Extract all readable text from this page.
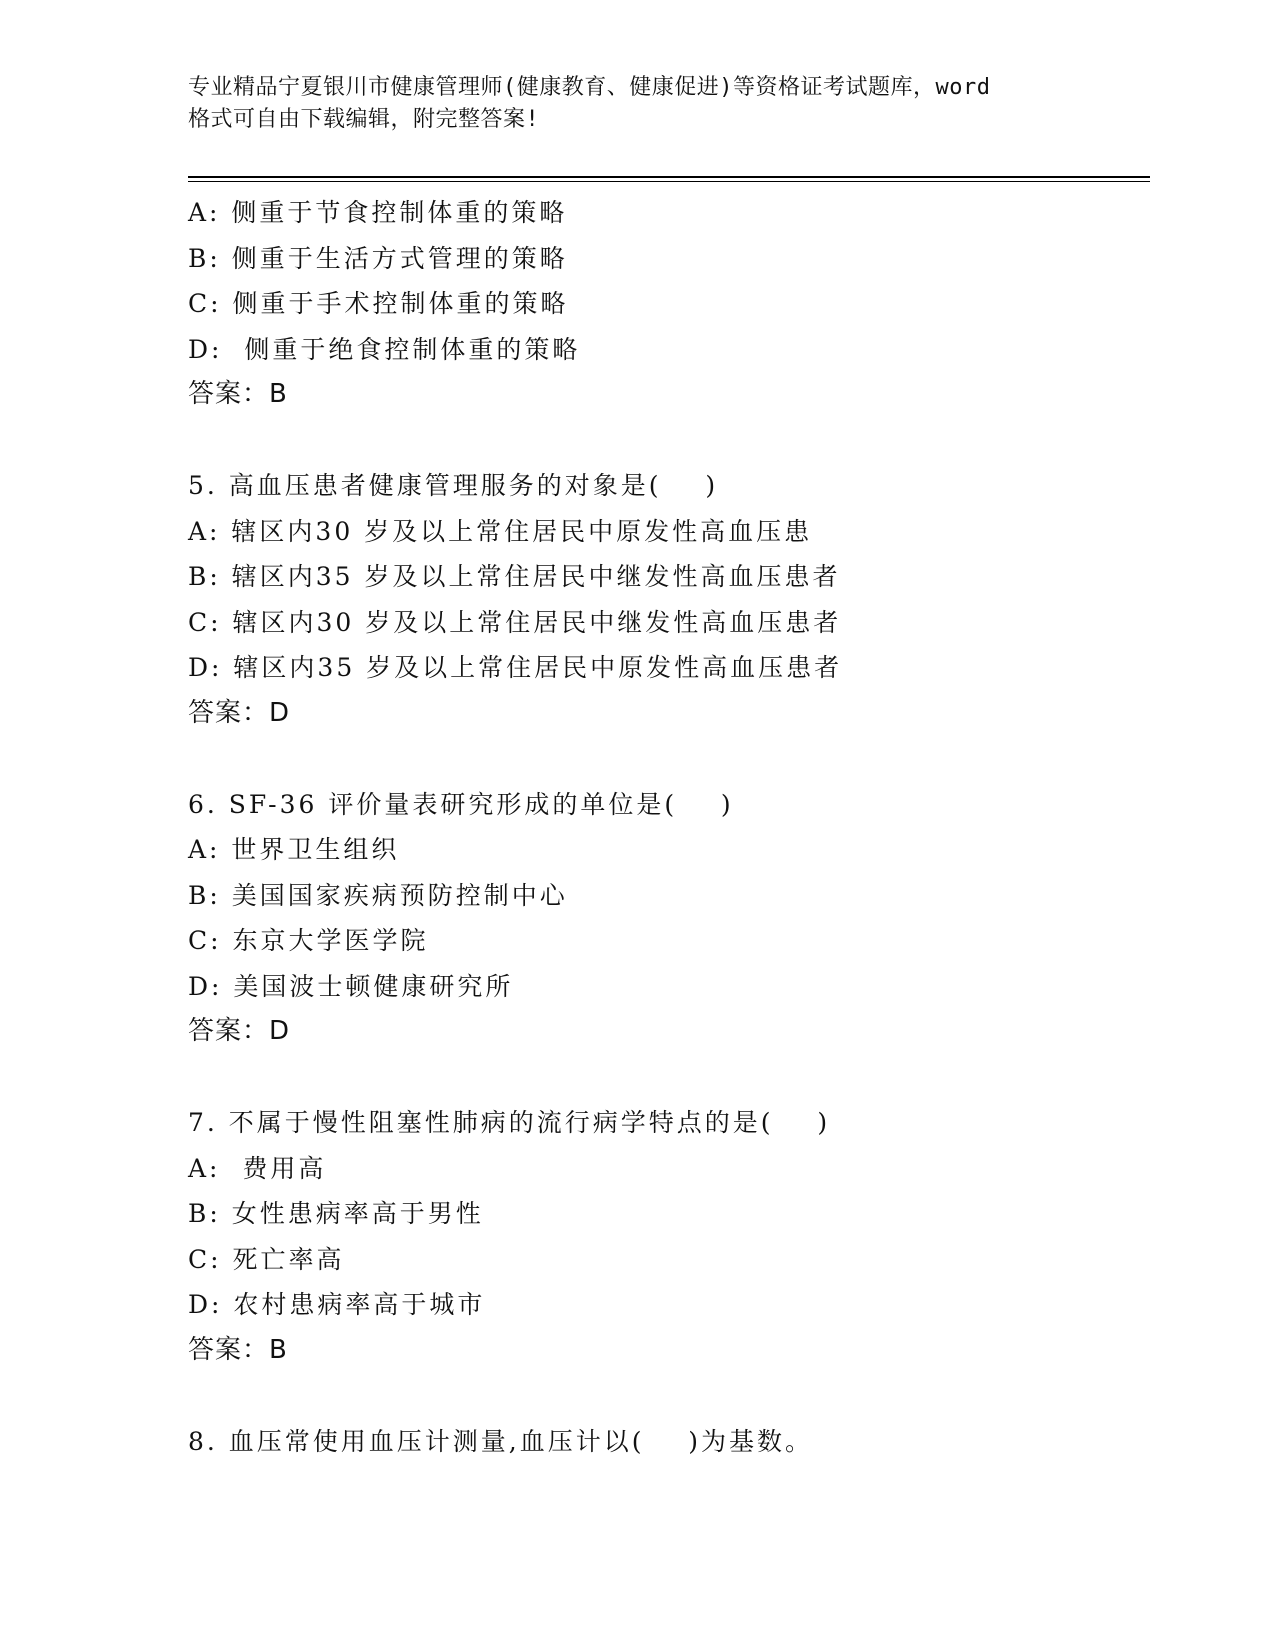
专业精品宁夏银川市健康管理师(健康教育、健康促进)等资格证考试题库，word
格式可自由下载编辑，附完整答案!
A: 侧重于节食控制体重的策略
B: 侧重于生活方式管理的策略
C: 侧重于手术控制体重的策略
D:  侧重于绝食控制体重的策略
答案：B
5. 高血压患者健康管理服务的对象是(    )
A: 辖区内30 岁及以上常住居民中原发性高血压患
B: 辖区内35 岁及以上常住居民中继发性高血压患者
C: 辖区内30 岁及以上常住居民中继发性高血压患者
D: 辖区内35 岁及以上常住居民中原发性高血压患者
答案：D
6. SF-36 评价量表研究形成的单位是(    )
A: 世界卫生组织
B: 美国国家疾病预防控制中心
C: 东京大学医学院
D: 美国波士顿健康研究所
答案：D
7. 不属于慢性阻塞性肺病的流行病学特点的是(    )
A:  费用高
B: 女性患病率高于男性
C: 死亡率高
D: 农村患病率高于城市
答案：B
8. 血压常使用血压计测量,血压计以(    )为基数。
